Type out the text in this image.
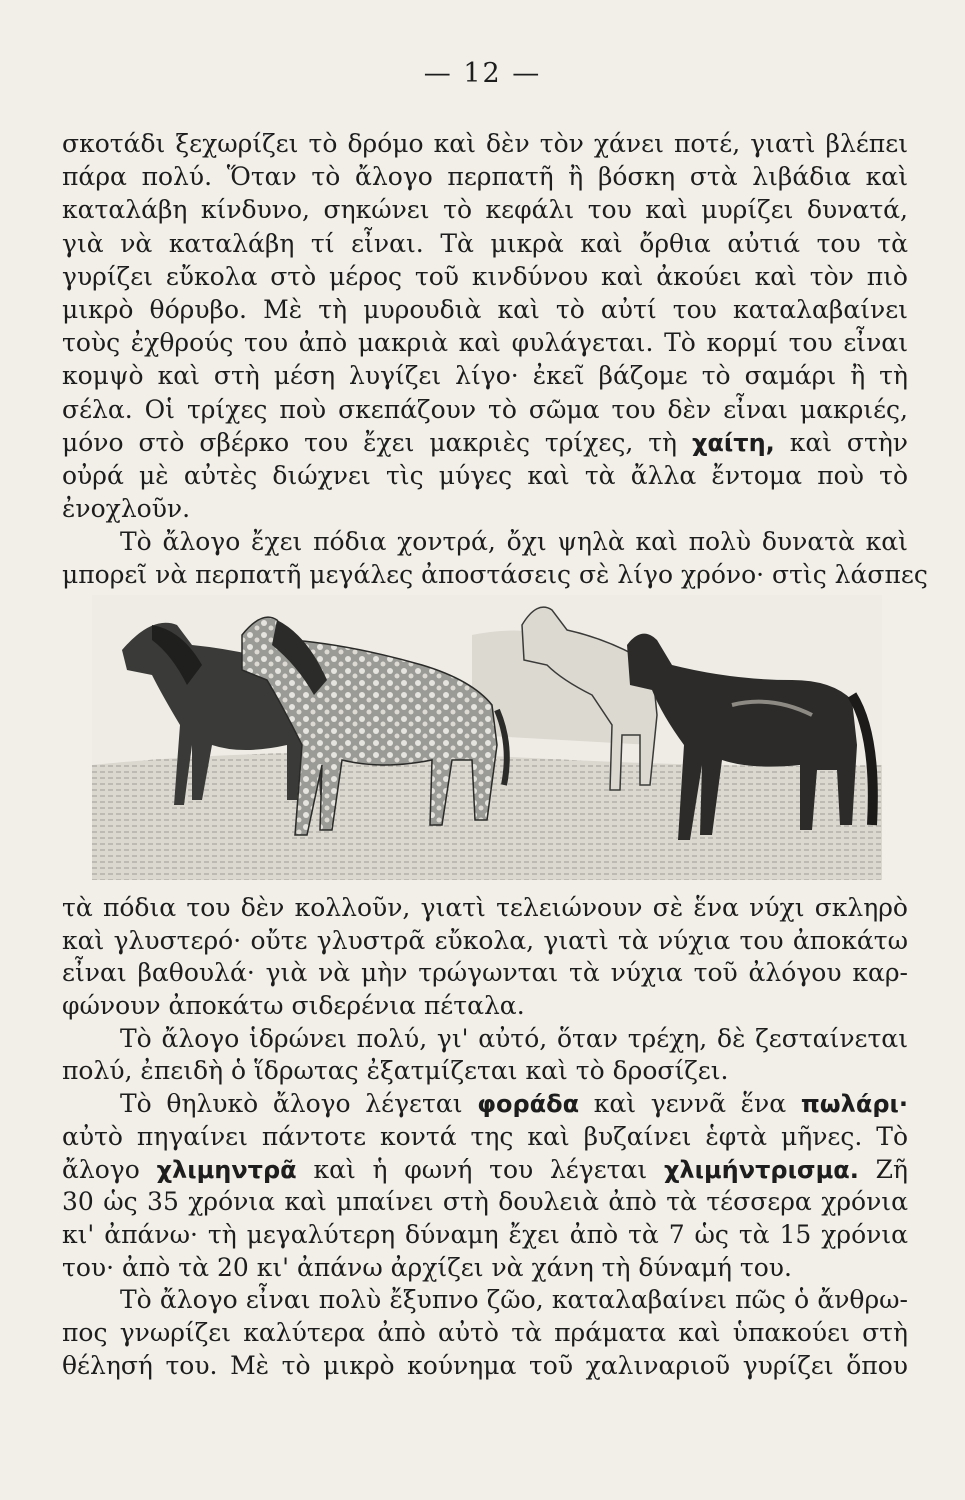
— 12 —
σκοτάδι ξεχωρίζει τὸ δρόμο καὶ δὲν τὸν χάνει ποτέ, γιατὶ βλέπει
πάρα πολύ. Ὅταν τὸ ἄλογο περπατῆ ἢ βόσκη στὰ λιβάδια καὶ
καταλάβη κίνδυνο, σηκώνει τὸ κεφάλι του καὶ μυρίζει δυνατά,
γιὰ νὰ καταλάβη τί εἶναι. Τὰ μικρὰ καὶ ὄρθια αὐτιά του τὰ
γυρίζει εὔκολα στὸ μέρος τοῦ κινδύνου καὶ ἀκούει καὶ τὸν πιὸ
μικρὸ θόρυβο. Μὲ τὴ μυρουδιὰ καὶ τὸ αὐτί του καταλαβαίνει
τοὺς ἐχθρούς του ἀπὸ μακριὰ καὶ φυλάγεται. Τὸ κορμί του εἶναι
κομψὸ καὶ στὴ μέση λυγίζει λίγο· ἐκεῖ βάζομε τὸ σαμάρι ἢ τὴ
σέλα. Οἱ τρίχες ποὺ σκεπάζουν τὸ σῶμα του δὲν εἶναι μακριές,
μόνο στὸ σβέρκο του ἔχει μακριὲς τρίχες, τὴ χαίτη, καὶ στὴν
οὐρά μὲ αὐτὲς διώχνει τὶς μύγες καὶ τὰ ἄλλα ἔντομα ποὺ τὸ
ἐνοχλοῦν.
Τὸ ἄλογο ἔχει πόδια χοντρά, ὄχι ψηλὰ καὶ πολὺ δυνατὰ καὶ
μπορεῖ νὰ περπατῆ μεγάλες ἀποστάσεις σὲ λίγο χρόνο· στὶς λάσπες
τὰ πόδια του δὲν κολλοῦν, γιατὶ τελειώνουν σὲ ἕνα νύχι σκληρὸ
καὶ γλυστερό· οὔτε γλυστρᾶ εὔκολα, γιατὶ τὰ νύχια του ἀποκάτω
εἶναι βαθουλά· γιὰ νὰ μὴν τρώγωνται τὰ νύχια τοῦ ἀλόγου καρ-
φώνουν ἀποκάτω σιδερένια πέταλα.
Τὸ ἄλογο ἱδρώνει πολύ, γι' αὐτό, ὅταν τρέχη, δὲ ζεσταίνεται
πολύ, ἐπειδὴ ὁ ἵδρωτας ἐξατμίζεται καὶ τὸ δροσίζει.
Τὸ θηλυκὸ ἄλογο λέγεται φοράδα καὶ γεννᾶ ἕνα πωλάρι·
αὐτὸ πηγαίνει πάντοτε κοντά της καὶ βυζαίνει ἑφτὰ μῆνες. Τὸ
ἄλογο χλιμηντρᾶ καὶ ἡ φωνή του λέγεται χλιμήντρισμα. Ζῆ
30 ὡς 35 χρόνια καὶ μπαίνει στὴ δουλειὰ ἀπὸ τὰ τέσσερα χρόνια
κι' ἀπάνω· τὴ μεγαλύτερη δύναμη ἔχει ἀπὸ τὰ 7 ὡς τὰ 15 χρόνια
του· ἀπὸ τὰ 20 κι' ἀπάνω ἀρχίζει νὰ χάνη τὴ δύναμή του.
Τὸ ἄλογο εἶναι πολὺ ἔξυπνο ζῶο, καταλαβαίνει πῶς ὁ ἄνθρω-
πος γνωρίζει καλύτερα ἀπὸ αὐτὸ τὰ πράματα καὶ ὑπακούει στὴ
θέλησή του. Μὲ τὸ μικρὸ κούνημα τοῦ χαλιναριοῦ γυρίζει ὅπου
